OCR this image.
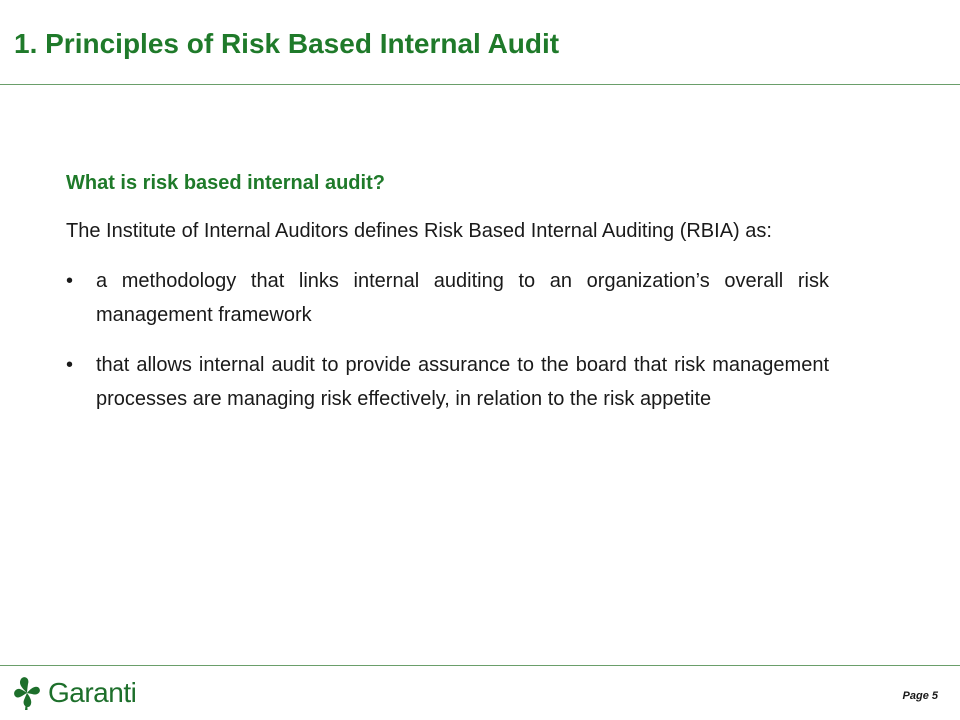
1. Principles of Risk Based Internal Audit

What is risk based internal audit?

The Institute of Internal Auditors defines Risk Based Internal Auditing (RBIA) as:

• a methodology that links internal auditing to an organization’s overall risk management framework
• that allows internal audit to provide assurance to the board that risk management processes are managing risk effectively, in relation to the risk appetite
Garanti	Page 5
